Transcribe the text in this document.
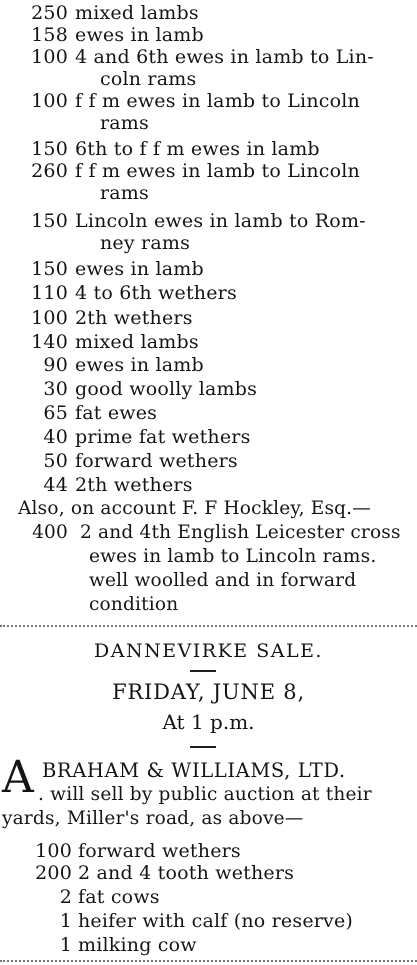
250 mixed lambs
158 ewes in lamb
100 4 and 6th ewes in lamb to Lin-
coln rams
100 f f m ewes in lamb to Lincoln
rams
150 6th to f f m ewes in lamb
260 f f m ewes in lamb to Lincoln
rams
150 Lincoln ewes in lamb to Rom-
ney rams
150 ewes in lamb
110 4 to 6th wethers
100 2th wethers
140 mixed lambs
90 ewes in lamb
30 good woolly lambs
65 fat ewes
40 prime fat wethers
50 forward wethers
44 2th wethers
Also, on account F. F Hockley, Esq.—
400 2 and 4th English Leicester cross
ewes in lamb to Lincoln rams.
well woolled and in forward
condition
DANNEVIRKE SALE.
FRIDAY, JUNE 8,
At 1 p.m.
A BRAHAM & WILLIAMS, LTD.
. will sell by public auction at their
yards, Miller's road, as above—
100 forward wethers
200 2 and 4 tooth wethers
2 fat cows
1 heifer with calf (no reserve)
1 milking cow
